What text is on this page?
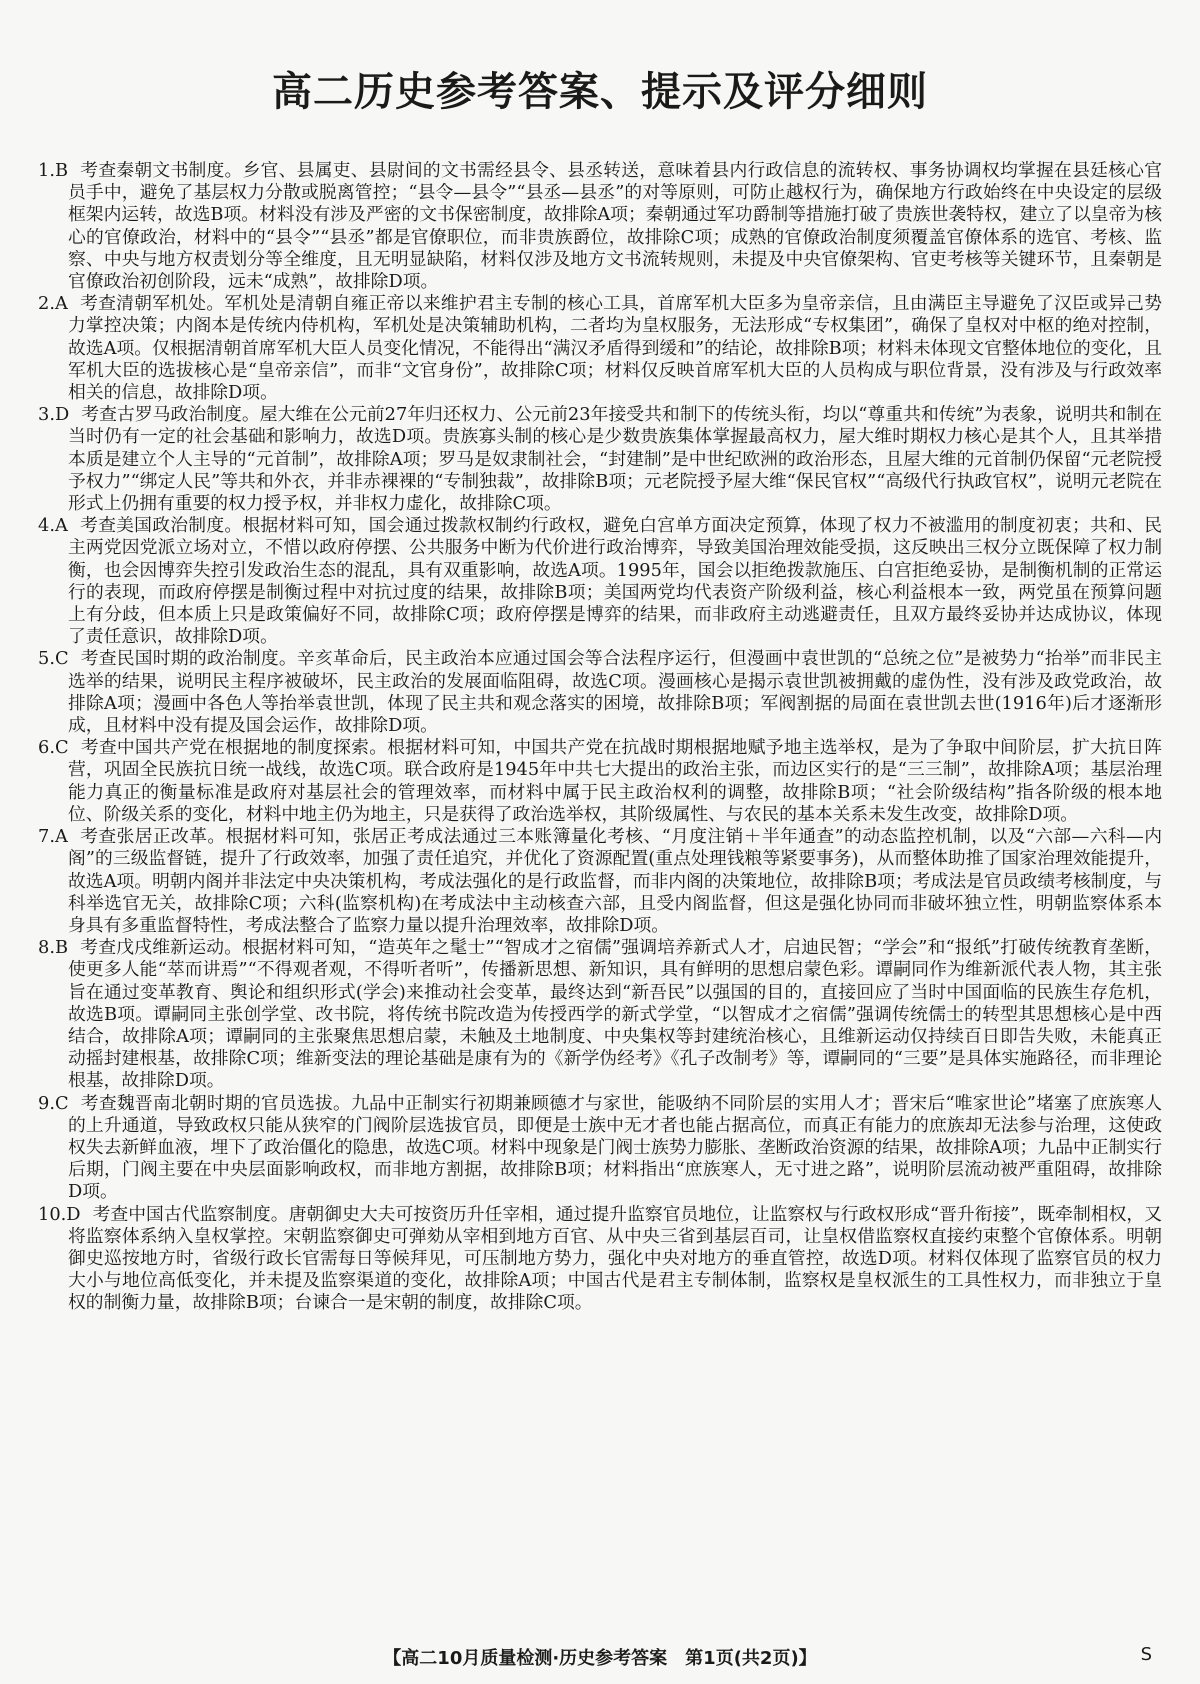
高二历史参考答案、提示及评分细则

1.B 考查秦朝文书制度。乡官、县属吏、县尉间的文书需经县令、县丞转送，意味着县内行政信息的流转权、事务协调权均掌握在县廷核心官员手中，避免了基层权力分散或脱离管控；“县令—县令”“县丞—县丞”的对等原则，可防止越权行为，确保地方行政始终在中央设定的层级框架内运转，故选B项。材料没有涉及严密的文书保密制度，故排除A项；秦朝通过军功爵制等措施打破了贵族世袭特权，建立了以皇帝为核心的官僚政治，材料中的“县令”“县丞”都是官僚职位，而非贵族爵位，故排除C项；成熟的官僚政治制度须覆盖官僚体系的选官、考核、监察、中央与地方权责划分等全维度，且无明显缺陷，材料仅涉及地方文书流转规则，未提及中央官僚架构、官吏考核等关键环节，且秦朝是官僚政治初创阶段，远未“成熟”，故排除D项。

2.A 考查清朝军机处。军机处是清朝自雍正帝以来维护君主专制的核心工具，首席军机大臣多为皇帝亲信，且由满臣主导避免了汉臣或异己势力掌控决策；内阁本是传统内侍机构，军机处是决策辅助机构，二者均为皇权服务，无法形成“专权集团”，确保了皇权对中枢的绝对控制，故选A项。仅根据清朝首席军机大臣人员变化情况，不能得出“满汉矛盾得到缓和”的结论，故排除B项；材料未体现文官整体地位的变化，且军机大臣的选拔核心是“皇帝亲信”，而非“文官身份”，故排除C项；材料仅反映首席军机大臣的人员构成与职位背景，没有涉及与行政效率相关的信息，故排除D项。

3.D 考查古罗马政治制度。屋大维在公元前27年归还权力、公元前23年接受共和制下的传统头衔，均以“尊重共和传统”为表象，说明共和制在当时仍有一定的社会基础和影响力，故选D项。贵族寡头制的核心是少数贵族集体掌握最高权力，屋大维时期权力核心是其个人，且其举措本质是建立个人主导的“元首制”，故排除A项；罗马是奴隶制社会，“封建制”是中世纪欧洲的政治形态，且屋大维的元首制仍保留“元老院授予权力”“绑定人民”等共和外衣，并非赤裸裸的“专制独裁”，故排除B项；元老院授予屋大维“保民官权”“高级代行执政官权”，说明元老院在形式上仍拥有重要的权力授予权，并非权力虚化，故排除C项。

4.A 考查美国政治制度。根据材料可知，国会通过拨款权制约行政权，避免白宫单方面决定预算，体现了权力不被滥用的制度初衷；共和、民主两党因党派立场对立，不惜以政府停摆、公共服务中断为代价进行政治博弈，导致美国治理效能受损，这反映出三权分立既保障了权力制衡，也会因博弈失控引发政治生态的混乱，具有双重影响，故选A项。1995年，国会以拒绝拨款施压、白宫拒绝妥协，是制衡机制的正常运行的表现，而政府停摆是制衡过程中对抗过度的结果，故排除B项；美国两党均代表资产阶级利益，核心利益根本一致，两党虽在预算问题上有分歧，但本质上只是政策偏好不同，故排除C项；政府停摆是博弈的结果，而非政府主动逃避责任，且双方最终妥协并达成协议，体现了责任意识，故排除D项。

5.C 考查民国时期的政治制度。辛亥革命后，民主政治本应通过国会等合法程序运行，但漫画中袁世凯的“总统之位”是被势力“抬举”而非民主选举的结果，说明民主程序被破坏，民主政治的发展面临阻碍，故选C项。漫画核心是揭示袁世凯被拥戴的虚伪性，没有涉及政党政治，故排除A项；漫画中各色人等抬举袁世凯，体现了民主共和观念落实的困境，故排除B项；军阀割据的局面在袁世凯去世(1916年)后才逐渐形成，且材料中没有提及国会运作，故排除D项。

6.C 考查中国共产党在根据地的制度探索。根据材料可知，中国共产党在抗战时期根据地赋予地主选举权，是为了争取中间阶层，扩大抗日阵营，巩固全民族抗日统一战线，故选C项。联合政府是1945年中共七大提出的政治主张，而边区实行的是“三三制”，故排除A项；基层治理能力真正的衡量标准是政府对基层社会的管理效率，而材料中属于民主政治权利的调整，故排除B项；“社会阶级结构”指各阶级的根本地位、阶级关系的变化，材料中地主仍为地主，只是获得了政治选举权，其阶级属性、与农民的基本关系未发生改变，故排除D项。

7.A 考查张居正改革。根据材料可知，张居正考成法通过三本账簿量化考核、“月度注销＋半年通查”的动态监控机制，以及“六部—六科—内阁”的三级监督链，提升了行政效率，加强了责任追究，并优化了资源配置(重点处理钱粮等紧要事务)，从而整体助推了国家治理效能提升，故选A项。明朝内阁并非法定中央决策机构，考成法强化的是行政监督，而非内阁的决策地位，故排除B项；考成法是官员政绩考核制度，与科举选官无关，故排除C项；六科(监察机构)在考成法中主动核查六部，且受内阁监督，但这是强化协同而非破坏独立性，明朝监察体系本身具有多重监督特性，考成法整合了监察力量以提升治理效率，故排除D项。

8.B 考查戊戌维新运动。根据材料可知，“造英年之髦士”“智成才之宿儒”强调培养新式人才，启迪民智；“学会”和“报纸”打破传统教育垄断，使更多人能“萃而讲焉”“不得观者观，不得听者听”，传播新思想、新知识，具有鲜明的思想启蒙色彩。谭嗣同作为维新派代表人物，其主张旨在通过变革教育、舆论和组织形式(学会)来推动社会变革，最终达到“新吾民”以强国的目的，直接回应了当时中国面临的民族生存危机，故选B项。谭嗣同主张创学堂、改书院，将传统书院改造为传授西学的新式学堂，“以智成才之宿儒”强调传统儒士的转型其思想核心是中西结合，故排除A项；谭嗣同的主张聚焦思想启蒙，未触及土地制度、中央集权等封建统治核心，且维新运动仅持续百日即告失败，未能真正动摇封建根基，故排除C项；维新变法的理论基础是康有为的《新学伪经考》《孔子改制考》等，谭嗣同的“三要”是具体实施路径，而非理论根基，故排除D项。

9.C 考查魏晋南北朝时期的官员选拔。九品中正制实行初期兼顾德才与家世，能吸纳不同阶层的实用人才；晋宋后“唯家世论”堵塞了庶族寒人的上升通道，导致政权只能从狭窄的门阀阶层选拔官员，即便是士族中无才者也能占据高位，而真正有能力的庶族却无法参与治理，这使政权失去新鲜血液，埋下了政治僵化的隐患，故选C项。材料中现象是门阀士族势力膨胀、垄断政治资源的结果，故排除A项；九品中正制实行后期，门阀主要在中央层面影响政权，而非地方割据，故排除B项；材料指出“庶族寒人，无寸进之路”，说明阶层流动被严重阻碍，故排除D项。

10.D 考查中国古代监察制度。唐朝御史大夫可按资历升任宰相，通过提升监察官员地位，让监察权与行政权形成“晋升衔接”，既牵制相权，又将监察体系纳入皇权掌控。宋朝监察御史可弹劾从宰相到地方百官、从中央三省到基层百司，让皇权借监察权直接约束整个官僚体系。明朝御史巡按地方时，省级行政长官需每日等候拜见，可压制地方势力，强化中央对地方的垂直管控，故选D项。材料仅体现了监察官员的权力大小与地位高低变化，并未提及监察渠道的变化，故排除A项；中国古代是君主专制体制，监察权是皇权派生的工具性权力，而非独立于皇权的制衡力量，故排除B项；台谏合一是宋朝的制度，故排除C项。

【高二10月质量检测·历史参考答案　第1页(共2页)】	S
